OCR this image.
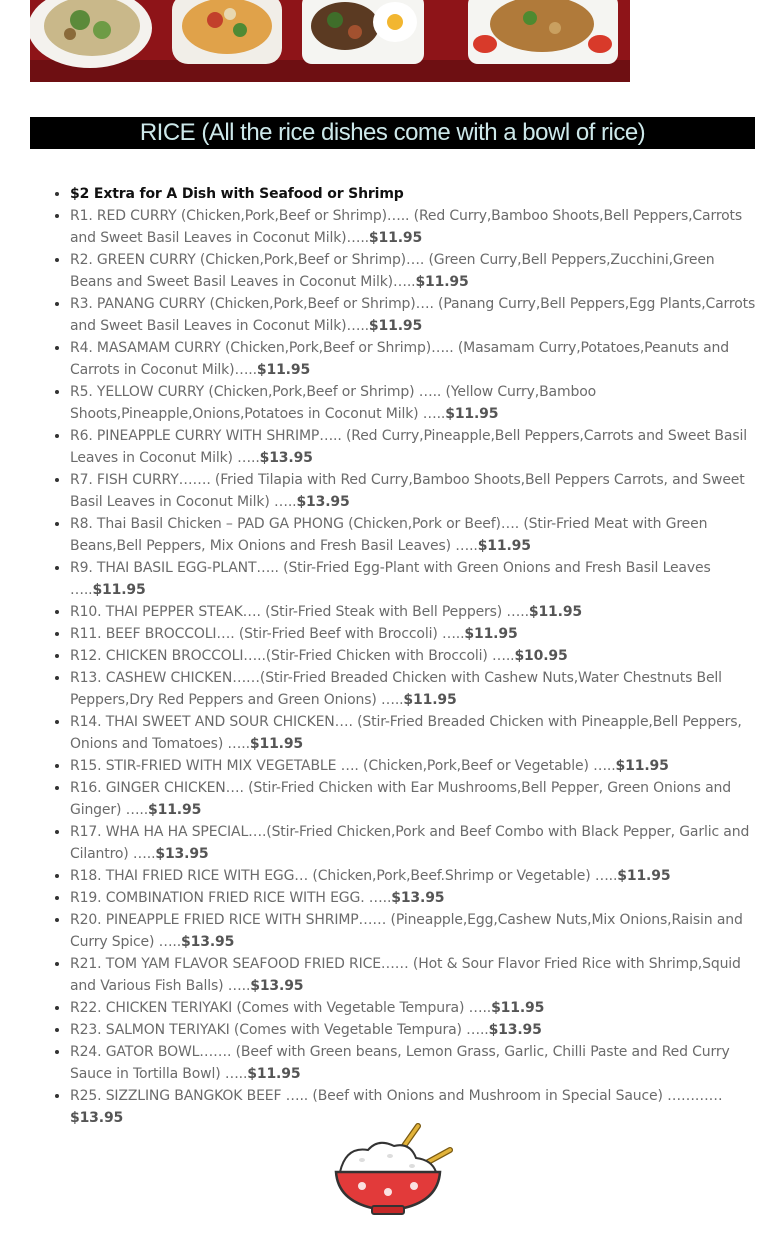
RICE (All the rice dishes come with a bowl of rice)
• $2 Extra for A Dish with Seafood or Shrimp
• R1. RED CURRY (Chicken,Pork,Beef or Shrimp)….. (Red Curry,Bamboo Shoots,Bell Peppers,Carrots and Sweet Basil Leaves in Coconut Milk)…..$11.95
• R2. GREEN CURRY (Chicken,Pork,Beef or Shrimp)…. (Green Curry,Bell Peppers,Zucchini,Green Beans and Sweet Basil Leaves in Coconut Milk)…..$11.95
• R3. PANANG CURRY (Chicken,Pork,Beef or Shrimp)…. (Panang Curry,Bell Peppers,Egg Plants,Carrots and Sweet Basil Leaves in Coconut Milk)…..$11.95
• R4. MASAMAM CURRY (Chicken,Pork,Beef or Shrimp)….. (Masamam Curry,Potatoes,Peanuts and Carrots in Coconut Milk)…..$11.95
• R5. YELLOW CURRY (Chicken,Pork,Beef or Shrimp) ….. (Yellow Curry,Bamboo Shoots,Pineapple,Onions,Potatoes in Coconut Milk) …..$11.95
• R6. PINEAPPLE CURRY WITH SHRIMP….. (Red Curry,Pineapple,Bell Peppers,Carrots and Sweet Basil Leaves in Coconut Milk) …..$13.95
• R7. FISH CURRY……. (Fried Tilapia with Red Curry,Bamboo Shoots,Bell Peppers Carrots, and Sweet Basil Leaves in Coconut Milk) …..$13.95
• R8. Thai Basil Chicken – PAD GA PHONG (Chicken,Pork or Beef)…. (Stir-Fried Meat with Green Beans,Bell Peppers, Mix Onions and Fresh Basil Leaves) …..$11.95
• R9. THAI BASIL EGG-PLANT….. (Stir-Fried Egg-Plant with Green Onions and Fresh Basil Leaves …..$11.95
• R10. THAI PEPPER STEAK…. (Stir-Fried Steak with Bell Peppers) …..$11.95
• R11. BEEF BROCCOLI…. (Stir-Fried Beef with Broccoli) …..$11.95
• R12. CHICKEN BROCCOLI…..(Stir-Fried Chicken with Broccoli) …..$10.95
• R13. CASHEW CHICKEN……(Stir-Fried Breaded Chicken with Cashew Nuts,Water Chestnuts Bell Peppers,Dry Red Peppers and Green Onions) …..$11.95
• R14. THAI SWEET AND SOUR CHICKEN…. (Stir-Fried Breaded Chicken with Pineapple,Bell Peppers, Onions and Tomatoes) …..$11.95
• R15. STIR-FRIED WITH MIX VEGETABLE …. (Chicken,Pork,Beef or Vegetable) …..$11.95
• R16. GINGER CHICKEN…. (Stir-Fried Chicken with Ear Mushrooms,Bell Pepper, Green Onions and Ginger) …..$11.95
• R17. WHA HA HA SPECIAL….(Stir-Fried Chicken,Pork and Beef Combo with Black Pepper, Garlic and Cilantro) …..$13.95
• R18. THAI FRIED RICE WITH EGG… (Chicken,Pork,Beef.Shrimp or Vegetable) …..$11.95
• R19. COMBINATION FRIED RICE WITH EGG. …..$13.95
• R20. PINEAPPLE FRIED RICE WITH SHRIMP…… (Pineapple,Egg,Cashew Nuts,Mix Onions,Raisin and Curry Spice) …..$13.95
• R21. TOM YAM FLAVOR SEAFOOD FRIED RICE…… (Hot & Sour Flavor Fried Rice with Shrimp,Squid and Various Fish Balls) …..$13.95
• R22. CHICKEN TERIYAKI (Comes with Vegetable Tempura) …..$11.95
• R23. SALMON TERIYAKI (Comes with Vegetable Tempura) …..$13.95
• R24. GATOR BOWL……. (Beef with Green beans, Lemon Grass, Garlic, Chilli Paste and Red Curry Sauce in Tortilla Bowl) …..$11.95
• R25. SIZZLING BANGKOK BEEF ….. (Beef with Onions and Mushroom in Special Sauce) ………… $13.95
